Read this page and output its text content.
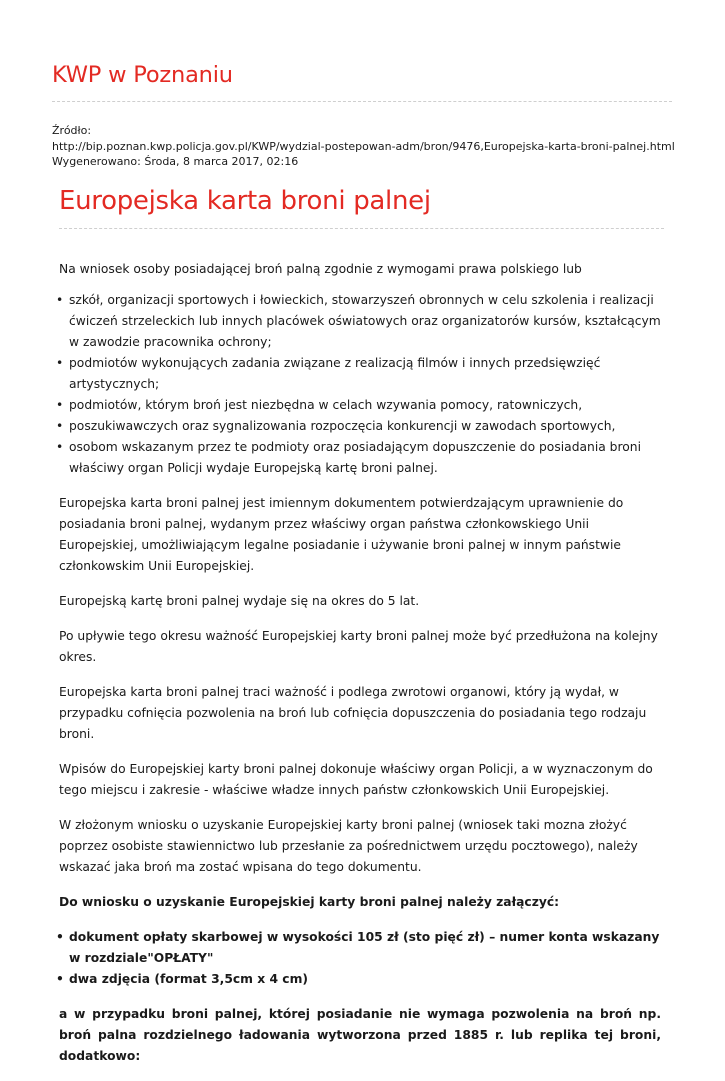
KWP w Poznaniu
Źródło:
http://bip.poznan.kwp.policja.gov.pl/KWP/wydzial-postepowan-adm/bron/9476,Europejska-karta-broni-palnej.html
Wygenerowano: Środa, 8 marca 2017, 02:16
Europejska karta broni palnej

Na wniosek osoby posiadającej broń palną zgodnie z wymogami prawa polskiego lub

• szkół, organizacji sportowych i łowieckich, stowarzyszeń obronnych w celu szkolenia i realizacji ćwiczeń strzeleckich lub innych placówek oświatowych oraz organizatorów kursów, kształcącym w zawodzie pracownika ochrony;
• podmiotów wykonujących zadania związane z realizacją filmów i innych przedsięwzięć artystycznych;
• podmiotów, którym broń jest niezbędna w celach wzywania pomocy, ratowniczych,
• poszukiwawczych oraz sygnalizowania rozpoczęcia konkurencji w zawodach sportowych,
• osobom wskazanym przez te podmioty oraz posiadającym dopuszczenie do posiadania broni właściwy organ Policji wydaje Europejską kartę broni palnej.

Europejska karta broni palnej jest imiennym dokumentem potwierdzającym uprawnienie do posiadania broni palnej, wydanym przez właściwy organ państwa członkowskiego Unii Europejskiej, umożliwiającym legalne posiadanie i używanie broni palnej w innym państwie członkowskim Unii Europejskiej.

Europejską kartę broni palnej wydaje się na okres do 5 lat.

Po upływie tego okresu ważność Europejskiej karty broni palnej może być przedłużona na kolejny okres.

Europejska karta broni palnej traci ważność i podlega zwrotowi organowi, który ją wydał, w przypadku cofnięcia pozwolenia na broń lub cofnięcia dopuszczenia do posiadania tego rodzaju broni.

Wpisów do Europejskiej karty broni palnej dokonuje właściwy organ Policji, a w wyznaczonym do tego miejscu i zakresie - właściwe władze innych państw członkowskich Unii Europejskiej.

W złożonym wniosku o uzyskanie Europejskiej karty broni palnej (wniosek taki mozna złożyć poprzez osobiste stawiennictwo lub przesłanie za pośrednictwem urzędu pocztowego), należy wskazać jaka broń ma zostać wpisana do tego dokumentu.

Do wniosku o uzyskanie Europejskiej karty broni palnej należy załączyć:

• dokument opłaty skarbowej w wysokości 105 zł (sto pięć zł) – numer konta wskazany w rozdziale"OPŁATY"
• dwa zdjęcia (format 3,5cm x 4 cm)

a w przypadku broni palnej, której posiadanie nie wymaga pozwolenia na broń np. broń palna rozdzielnego ładowania wytworzona przed 1885 r. lub replika tej broni, dodatkowo:
